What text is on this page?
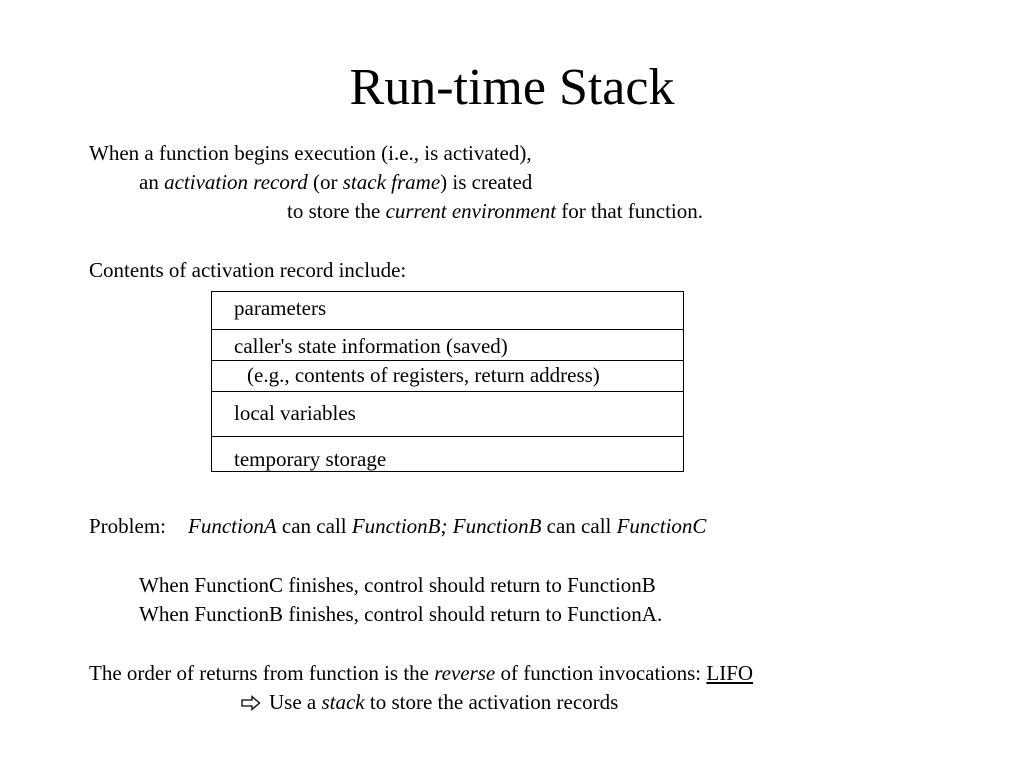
Run-time Stack

When a function begins execution (i.e., is activated),

an activation record (or stack frame) is created

to store the current environment for that function.

Contents of activation record include:

parameters
caller's state information (saved)
(e.g., contents of registers, return address)
local variables
temporary storage

Problem: FunctionA can call FunctionB; FunctionB can call FunctionC

When FunctionC finishes, control should return to FunctionB

When FunctionB finishes, control should return to FunctionA.

The order of returns from function is the reverse of function invocations: LIFO

Use a stack to store the activation records
